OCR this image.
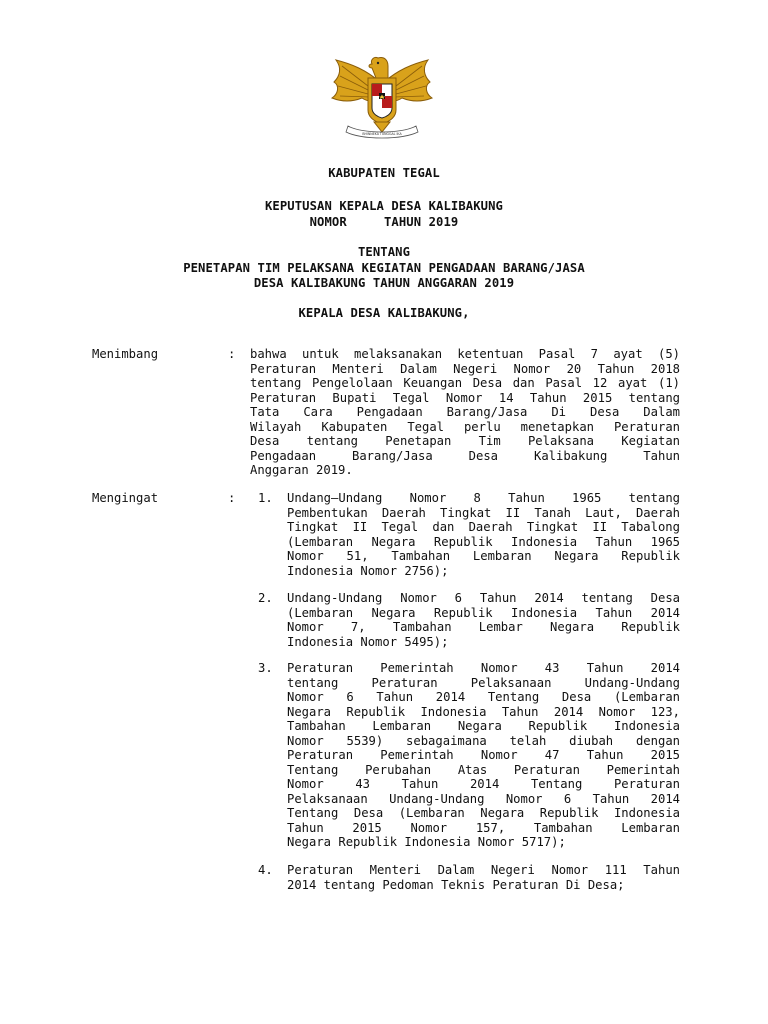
BHINNEKA TUNGGAL IKA
KABUPATEN TEGAL
KEPUTUSAN KEPALA DESA KALIBAKUNG
NOMOR     TAHUN 2019
TENTANG
PENETAPAN TIM PELAKSANA KEGIATAN PENGADAAN BARANG/JASA
DESA KALIBAKUNG TAHUN ANGGARAN 2019
KEPALA DESA KALIBAKUNG,
Menimbang	: bahwa untuk melaksanakan ketentuan Pasal 7 ayat (5)
Peraturan Menteri Dalam Negeri Nomor 20 Tahun 2018
tentang Pengelolaan Keuangan Desa dan Pasal 12 ayat (1)
Peraturan Bupati Tegal Nomor 14 Tahun 2015 tentang
Tata Cara Pengadaan Barang/Jasa Di Desa Dalam
Wilayah Kabupaten Tegal perlu menetapkan Peraturan
Desa tentang Penetapan Tim Pelaksana Kegiatan
Pengadaan Barang/Jasa Desa Kalibakung Tahun
Anggaran 2019.
Mengingat	: 1. Undang–Undang Nomor 8 Tahun 1965 tentang
Pembentukan Daerah Tingkat II Tanah Laut, Daerah
Tingkat II Tegal dan Daerah Tingkat II Tabalong
(Lembaran Negara Republik Indonesia Tahun 1965
Nomor 51, Tambahan Lembaran Negara Republik
Indonesia Nomor 2756);
2. Undang-Undang Nomor 6 Tahun 2014 tentang Desa
(Lembaran Negara Republik Indonesia Tahun 2014
Nomor 7, Tambahan Lembar Negara Republik
Indonesia Nomor 5495);
3. Peraturan Pemerintah Nomor 43 Tahun 2014
tentang Peraturan Pelaksanaan Undang-Undang
Nomor 6 Tahun 2014 Tentang Desa (Lembaran
Negara Republik Indonesia Tahun 2014 Nomor 123,
Tambahan Lembaran Negara Republik Indonesia
Nomor 5539) sebagaimana telah diubah dengan
Peraturan Pemerintah Nomor 47 Tahun 2015
Tentang Perubahan Atas Peraturan Pemerintah
Nomor 43 Tahun 2014 Tentang Peraturan
Pelaksanaan Undang-Undang Nomor 6 Tahun 2014
Tentang Desa (Lembaran Negara Republik Indonesia
Tahun 2015 Nomor 157, Tambahan Lembaran
Negara Republik Indonesia Nomor 5717);
4. Peraturan Menteri Dalam Negeri Nomor 111 Tahun
2014 tentang Pedoman Teknis Peraturan Di Desa;
